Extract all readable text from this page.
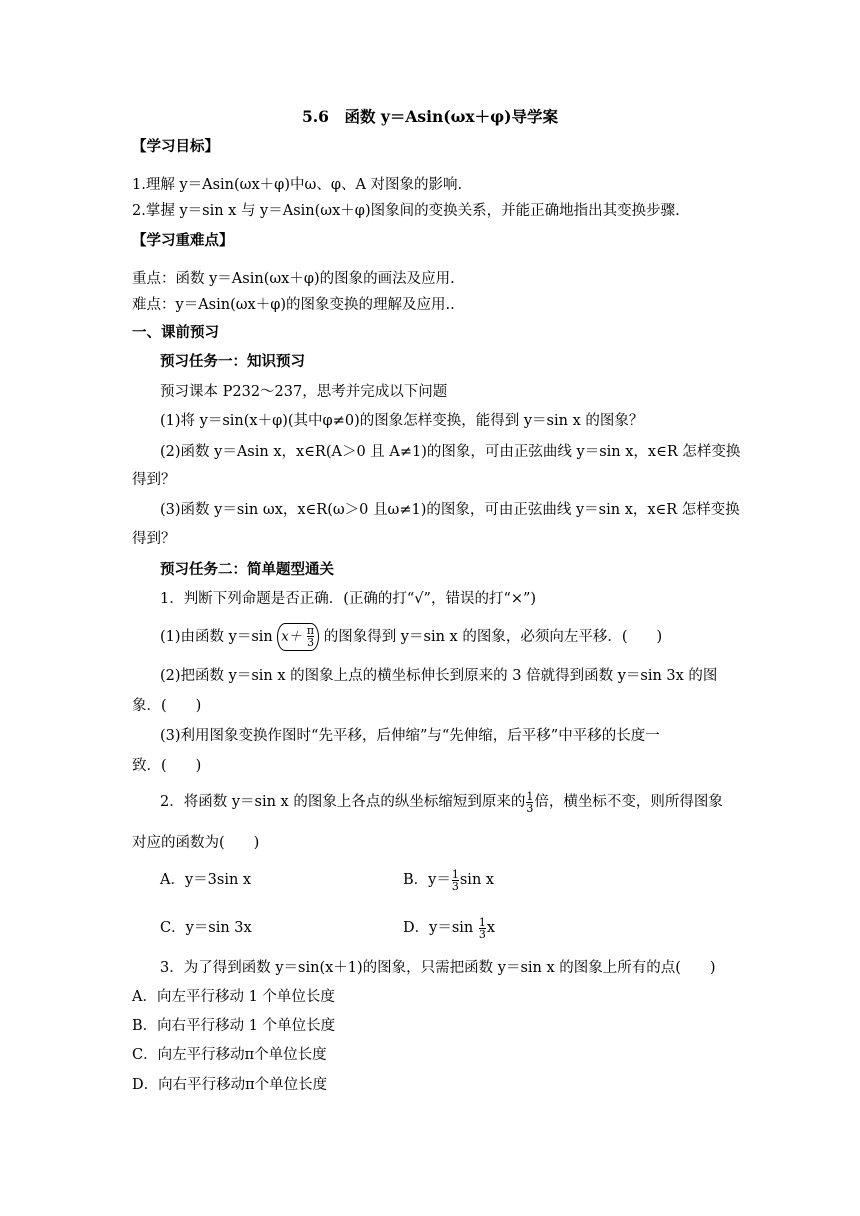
5.6　函数 y＝Asin(ωx＋φ)导学案
【学习目标】
1.理解 y＝Asin(ωx＋φ)中ω、φ、A 对图象的影响.
2.掌握 y＝sin x 与 y＝Asin(ωx＋φ)图象间的变换关系，并能正确地指出其变换步骤.
【学习重难点】
重点：函数 y＝Asin(ωx＋φ)的图象的画法及应用.
难点：y＝Asin(ωx＋φ)的图象变换的理解及应用..
一、课前预习
预习任务一：知识预习
预习课本 P232～237，思考并完成以下问题
(1)将 y＝sin(x＋φ)(其中φ≠0)的图象怎样变换，能得到 y＝sin x 的图象？
(2)函数 y＝Asin x，x∈R(A＞0 且 A≠1)的图象，可由正弦曲线 y＝sin x，x∈R 怎样变换
得到？
(3)函数 y＝sin ωx，x∈R(ω＞0 且ω≠1)的图象，可由正弦曲线 y＝sin x，x∈R 怎样变换
得到？
预习任务二：简单题型通关
1．判断下列命题是否正确．(正确的打“√”，错误的打“×”)
(1)由函数 y＝sin $x+ \frac{\pi}{3}$ 的图象得到 y＝sin x 的图象，必须向左平移．(　　)
(2)把函数 y＝sin x 的图象上点的横坐标伸长到原来的 3 倍就得到函数 y＝sin 3x 的图
象．(　　)
(3)利用图象变换作图时“先平移，后伸缩”与“先伸缩，后平移”中平移的长度一
致．(　　)
2．将函数 y＝sin x 的图象上各点的纵坐标缩短到原来的 $\frac{1}{3}$ 倍，横坐标不变，则所得图象
对应的函数为(　　)
A．y＝3sin x	B．$y= \frac{1}{3}$ sin x
C．y＝sin 3x	D．$y=\sin \frac{1}{3}$ x
3．为了得到函数 y＝sin(x＋1)的图象，只需把函数 y＝sin x 的图象上所有的点(　　)
A．向左平行移动 1 个单位长度
B．向右平行移动 1 个单位长度
C．向左平行移动π个单位长度
D．向右平行移动π个单位长度
